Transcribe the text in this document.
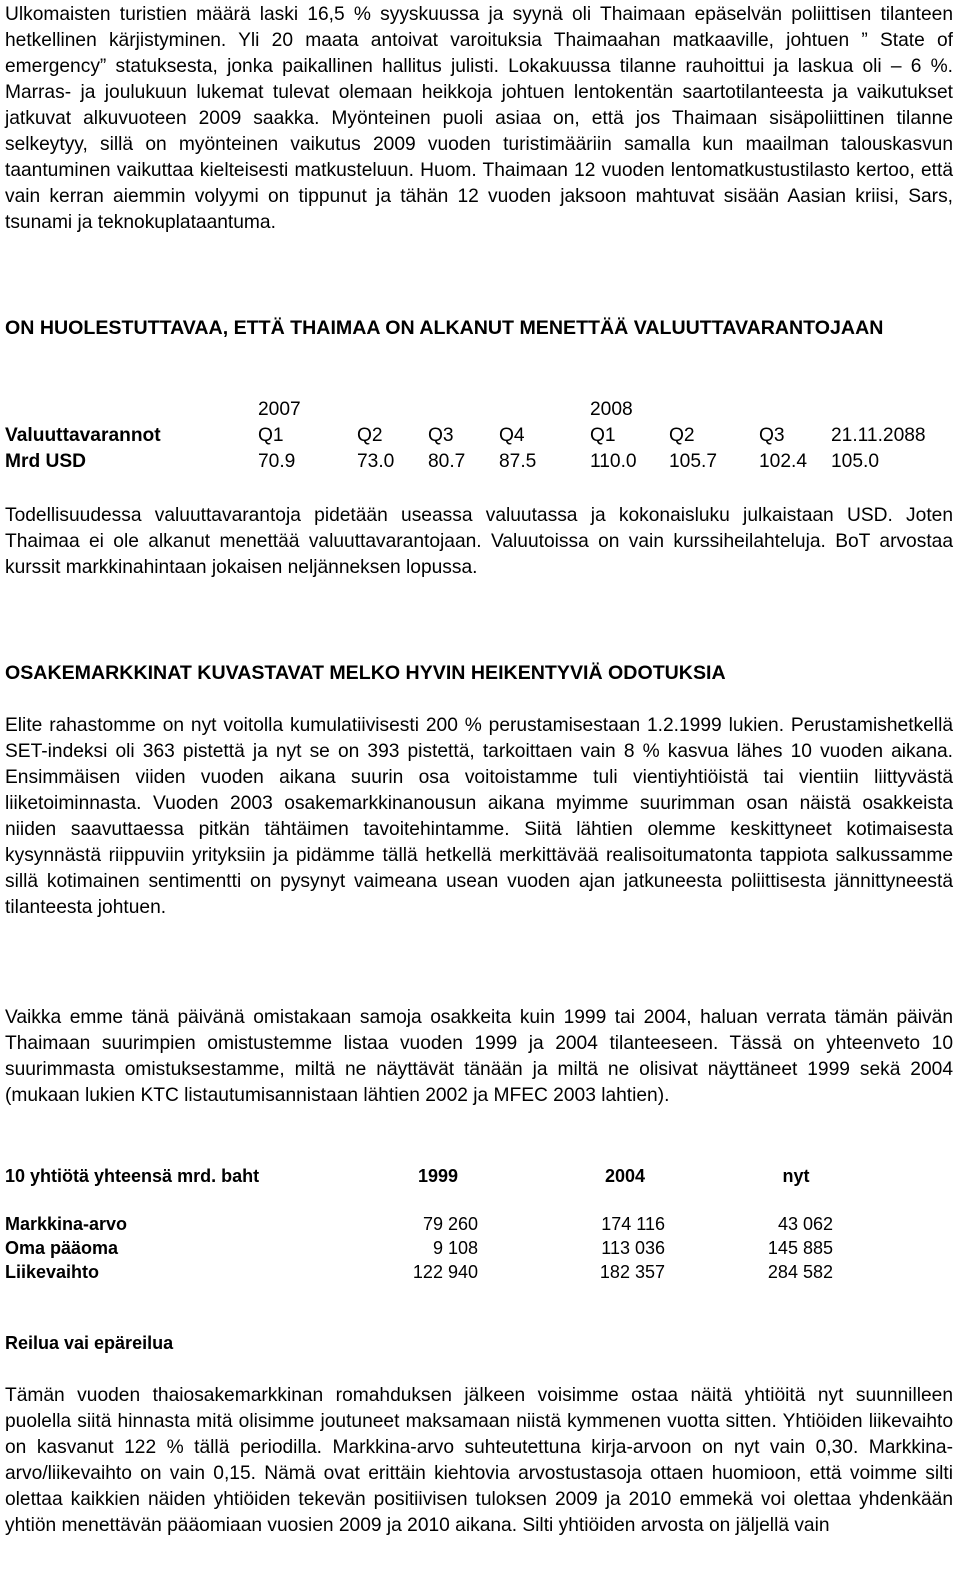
Ulkomaisten turistien määrä laski 16,5 % syyskuussa ja syynä oli Thaimaan epäselvän poliittisen tilanteen hetkellinen kärjistyminen. Yli 20 maata antoivat varoituksia Thaimaahan matkaaville, johtuen ” State of emergency” statuksesta, jonka paikallinen hallitus julisti. Lokakuussa tilanne rauhoittui ja laskua oli – 6 %. Marras- ja joulukuun lukemat tulevat olemaan heikkoja johtuen lentokentän saartotilanteesta ja vaikutukset jatkuvat alkuvuoteen 2009 saakka. Myönteinen puoli asiaa on, että jos Thaimaan sisäpoliittinen tilanne selkeytyy, sillä on myönteinen vaikutus 2009 vuoden turistimääriin samalla kun maailman talouskasvun taantuminen vaikuttaa kielteisesti matkusteluun. Huom. Thaimaan 12 vuoden lentomatkustustilasto kertoo, että vain kerran aiemmin volyymi on tippunut ja tähän 12 vuoden jaksoon mahtuvat sisään Aasian kriisi, Sars, tsunami ja teknokuplataantuma.

ON HUOLESTUTTAVAA, ETTÄ THAIMAA ON ALKANUT MENETTÄÄ VALUUTTAVARANTOJAAN
2007	2008
Valuuttavarannot	Q1	Q2 Q3 Q4	Q1	Q2	Q3 21.11.2088
Mrd USD	70.9	73.0 80.7 87.5	110.0 105.7 102.4 105.0

Todellisuudessa valuuttavarantoja pidetään useassa valuutassa ja kokonaisluku julkaistaan USD. Joten Thaimaa ei ole alkanut menettää valuuttavarantojaan. Valuutoissa on vain kurssiheilahteluja. BoT arvostaa kurssit markkinahintaan jokaisen neljänneksen lopussa.

OSAKEMARKKINAT KUVASTAVAT MELKO HYVIN HEIKENTYVIÄ ODOTUKSIA

Elite rahastomme on nyt voitolla kumulatiivisesti 200 % perustamisestaan 1.2.1999 lukien. Perustamishetkellä SET-indeksi oli 363 pistettä ja nyt se on 393 pistettä, tarkoittaen vain 8 % kasvua lähes 10 vuoden aikana. Ensimmäisen viiden vuoden aikana suurin osa voitoistamme tuli vientiyhtiöistä tai vientiin liittyvästä liiketoiminnasta. Vuoden 2003 osakemarkkinanousun aikana myimme suurimman osan näistä osakkeista niiden saavuttaessa pitkän tähtäimen tavoitehintamme. Siitä lähtien olemme keskittyneet kotimaisesta kysynnästä riippuviin yrityksiin ja pidämme tällä hetkellä merkittävää realisoitumatonta tappiota salkussamme sillä kotimainen sentimentti on pysynyt vaimeana usean vuoden ajan jatkuneesta poliittisesta jännittyneestä tilanteesta johtuen.

Vaikka emme tänä päivänä omistakaan samoja osakkeita kuin 1999 tai 2004, haluan verrata tämän päivän Thaimaan suurimpien omistustemme listaa vuoden 1999 ja 2004 tilanteeseen. Tässä on yhteenveto 10 suurimmasta omistuksestamme, miltä ne näyttävät tänään ja miltä ne olisivat näyttäneet 1999 sekä 2004 (mukaan lukien KTC listautumisannistaan lähtien 2002 ja MFEC 2003 lahtien).

10 yhtiötä yhteensä mrd. baht	1999	2004	nyt
Markkina-arvo	79 260	174 116	43 062
Oma pääoma	9 108	113 036	145 885
Liikevaihto	122 940	182 357	284 582
Reilua vai epäreilua

Tämän vuoden thaiosakemarkkinan romahduksen jälkeen voisimme ostaa näitä yhtiöitä nyt suunnilleen puolella siitä hinnasta mitä olisimme joutuneet maksamaan niistä kymmenen vuotta sitten. Yhtiöiden liikevaihto on kasvanut 122 % tällä periodilla. Markkina-arvo suhteutettuna kirja-arvoon on nyt vain 0,30. Markkina-arvo/liikevaihto on vain 0,15. Nämä ovat erittäin kiehtovia arvostustasoja ottaen huomioon, että voimme silti olettaa kaikkien näiden yhtiöiden tekevän positiivisen tuloksen 2009 ja 2010 emmekä voi olettaa yhdenkään yhtiön menettävän pääomiaan vuosien 2009 ja 2010 aikana. Silti yhtiöiden arvosta on jäljellä vain
